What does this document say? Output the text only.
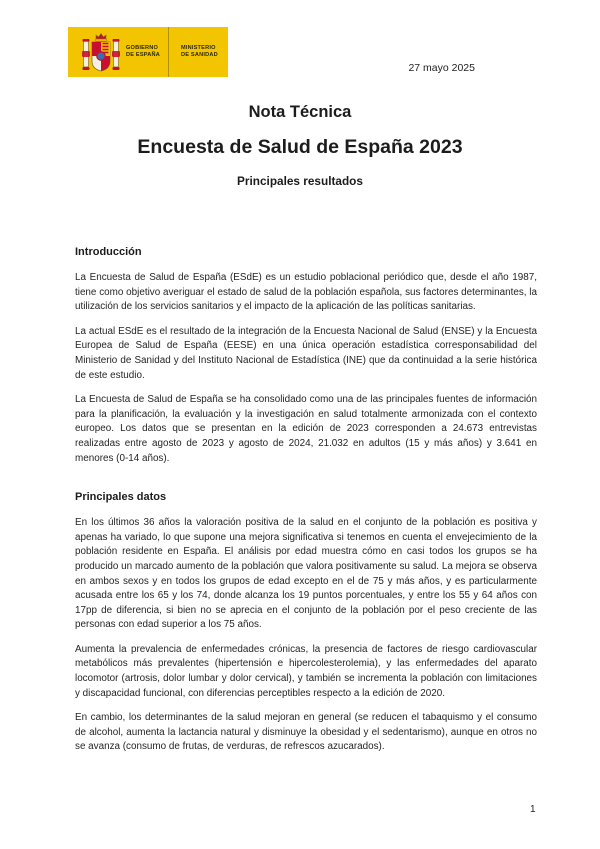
GOBIERNO
DE ESPAÑA
MINISTERIO
DE SANIDAD
27 mayo 2025

Nota Técnica

Encuesta de Salud de España 2023

Principales resultados

Introducción

La Encuesta de Salud de España (ESdE) es un estudio poblacional periódico que, desde el año 1987, tiene como objetivo averiguar el estado de salud de la población española, sus factores determinantes, la utilización de los servicios sanitarios y el impacto de la aplicación de las políticas sanitarias.

La actual ESdE es el resultado de la integración de la Encuesta Nacional de Salud (ENSE) y la Encuesta Europea de Salud de España (EESE) en una única operación estadística corresponsabilidad del Ministerio de Sanidad y del Instituto Nacional de Estadística (INE) que da continuidad a la serie histórica de este estudio.

La Encuesta de Salud de España se ha consolidado como una de las principales fuentes de información para la planificación, la evaluación y la investigación en salud totalmente armonizada con el contexto europeo. Los datos que se presentan en la edición de 2023 corresponden a 24.673 entrevistas realizadas entre agosto de 2023 y agosto de 2024, 21.032 en adultos (15 y más años) y 3.641 en menores (0-14 años).

Principales datos

En los últimos 36 años la valoración positiva de la salud en el conjunto de la población es positiva y apenas ha variado, lo que supone una mejora significativa si tenemos en cuenta el envejecimiento de la población residente en España. El análisis por edad muestra cómo en casi todos los grupos se ha producido un marcado aumento de la población que valora positivamente su salud. La mejora se observa en ambos sexos y en todos los grupos de edad excepto en el de 75 y más años, y es particularmente acusada entre los 65 y los 74, donde alcanza los 19 puntos porcentuales, y entre los 55 y 64 años con 17pp de diferencia, si bien no se aprecia en el conjunto de la población por el peso creciente de las personas con edad superior a los 75 años.

Aumenta la prevalencia de enfermedades crónicas, la presencia de factores de riesgo cardiovascular metabólicos más prevalentes (hipertensión e hipercolesterolemia), y las enfermedades del aparato locomotor (artrosis, dolor lumbar y dolor cervical), y también se incrementa la población con limitaciones y discapacidad funcional, con diferencias perceptibles respecto a la edición de 2020.

En cambio, los determinantes de la salud mejoran en general (se reducen el tabaquismo y el consumo de alcohol, aumenta la lactancia natural y disminuye la obesidad y el sedentarismo), aunque en otros no se avanza (consumo de frutas, de verduras, de refrescos azucarados).

1
